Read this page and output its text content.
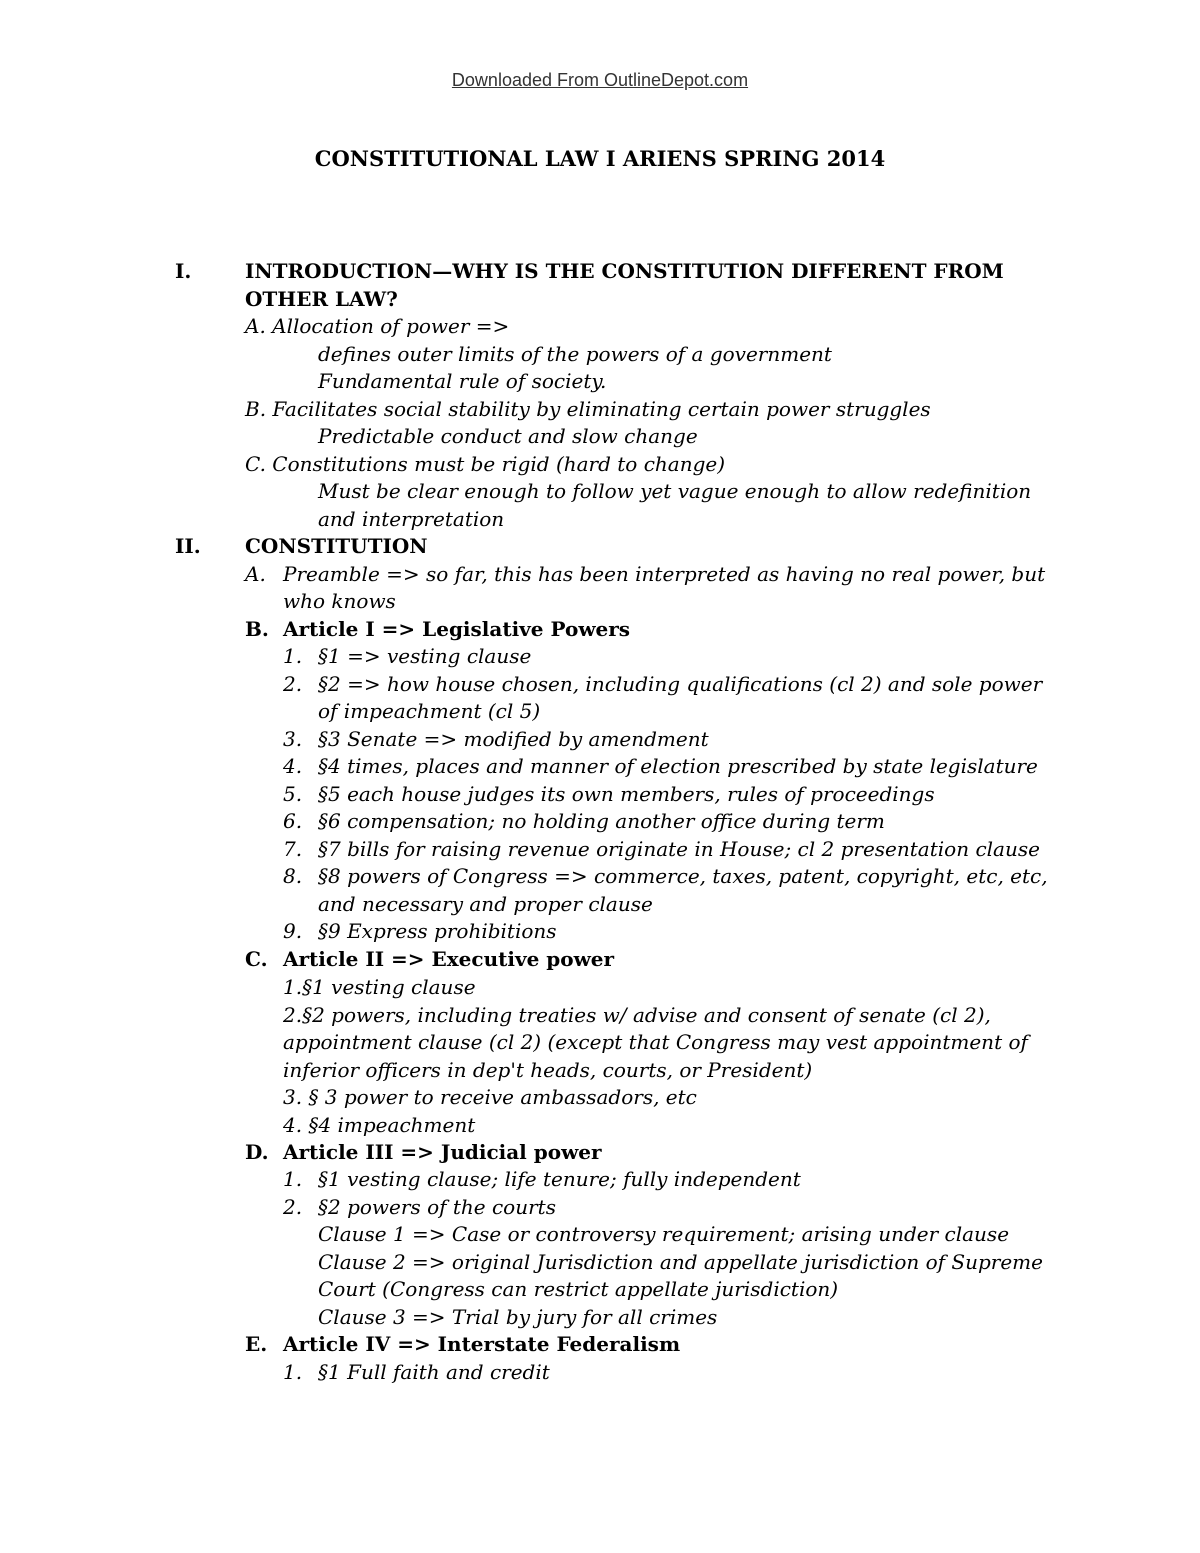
Downloaded From OutlineDepot.com
CONSTITUTIONAL LAW I ARIENS SPRING 2014
I.	INTRODUCTION—WHY IS THE CONSTITUTION DIFFERENT FROM
OTHER LAW?
A. Allocation of power =>
defines outer limits of the powers of a government
Fundamental rule of society.
B. Facilitates social stability by eliminating certain power struggles
Predictable conduct and slow change
C. Constitutions must be rigid (hard to change)
Must be clear enough to follow yet vague enough to allow redefinition
and interpretation
II. CONSTITUTION
A. Preamble => so far, this has been interpreted as having no real power, but
who knows
B. Article I => Legislative Powers
1. §1 => vesting clause
2. §2 => how house chosen, including qualifications (cl 2) and sole power
of impeachment (cl 5)
3. §3 Senate => modified by amendment
4. §4 times, places and manner of election prescribed by state legislature
5. §5 each house judges its own members, rules of proceedings
6. §6 compensation; no holding another office during term
7. §7 bills for raising revenue originate in House; cl 2 presentation clause
8. §8 powers of Congress => commerce, taxes, patent, copyright, etc, etc,
and necessary and proper clause
9. §9 Express prohibitions
C. Article II => Executive power
1.§1 vesting clause
2.§2 powers, including treaties w/ advise and consent of senate (cl 2),
appointment clause (cl 2) (except that Congress may vest appointment of
inferior officers in dep't heads, courts, or President)
3. § 3 power to receive ambassadors, etc
4. §4 impeachment
D. Article III => Judicial power
1. §1 vesting clause; life tenure; fully independent
2. §2 powers of the courts
Clause 1 => Case or controversy requirement; arising under clause
Clause 2 => original Jurisdiction and appellate jurisdiction of Supreme
Court (Congress can restrict appellate jurisdiction)
Clause 3 => Trial by jury for all crimes
E. Article IV => Interstate Federalism
1. §1 Full faith and credit
